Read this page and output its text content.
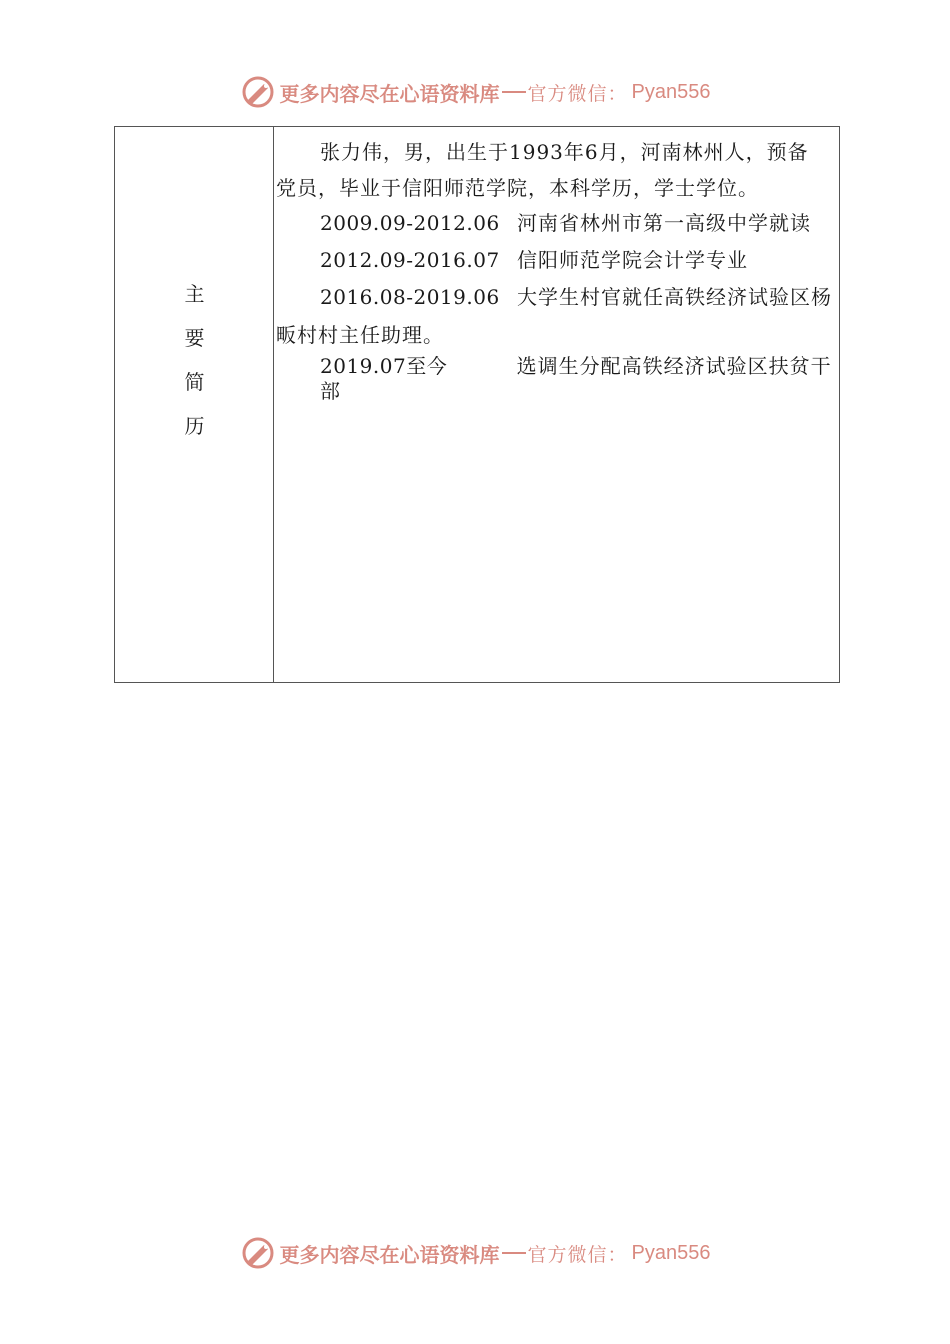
更多内容尽在心语资料库 官方微信： Pyan556
主
要
简
历
张力伟，男，出生于1993年6月，河南林州人，预备
党员，毕业于信阳师范学院，本科学历，学士学位。
2009.09-2012.06 河南省林州市第一高级中学就读
2012.09-2016.07 信阳师范学院会计学专业
2016.08-2019.06 大学生村官就任高铁经济试验区杨
畈村村主任助理。
2019.07至今	选调生分配高铁经济试验区扶贫干
部
更多内容尽在心语资料库 官方微信： Pyan556
